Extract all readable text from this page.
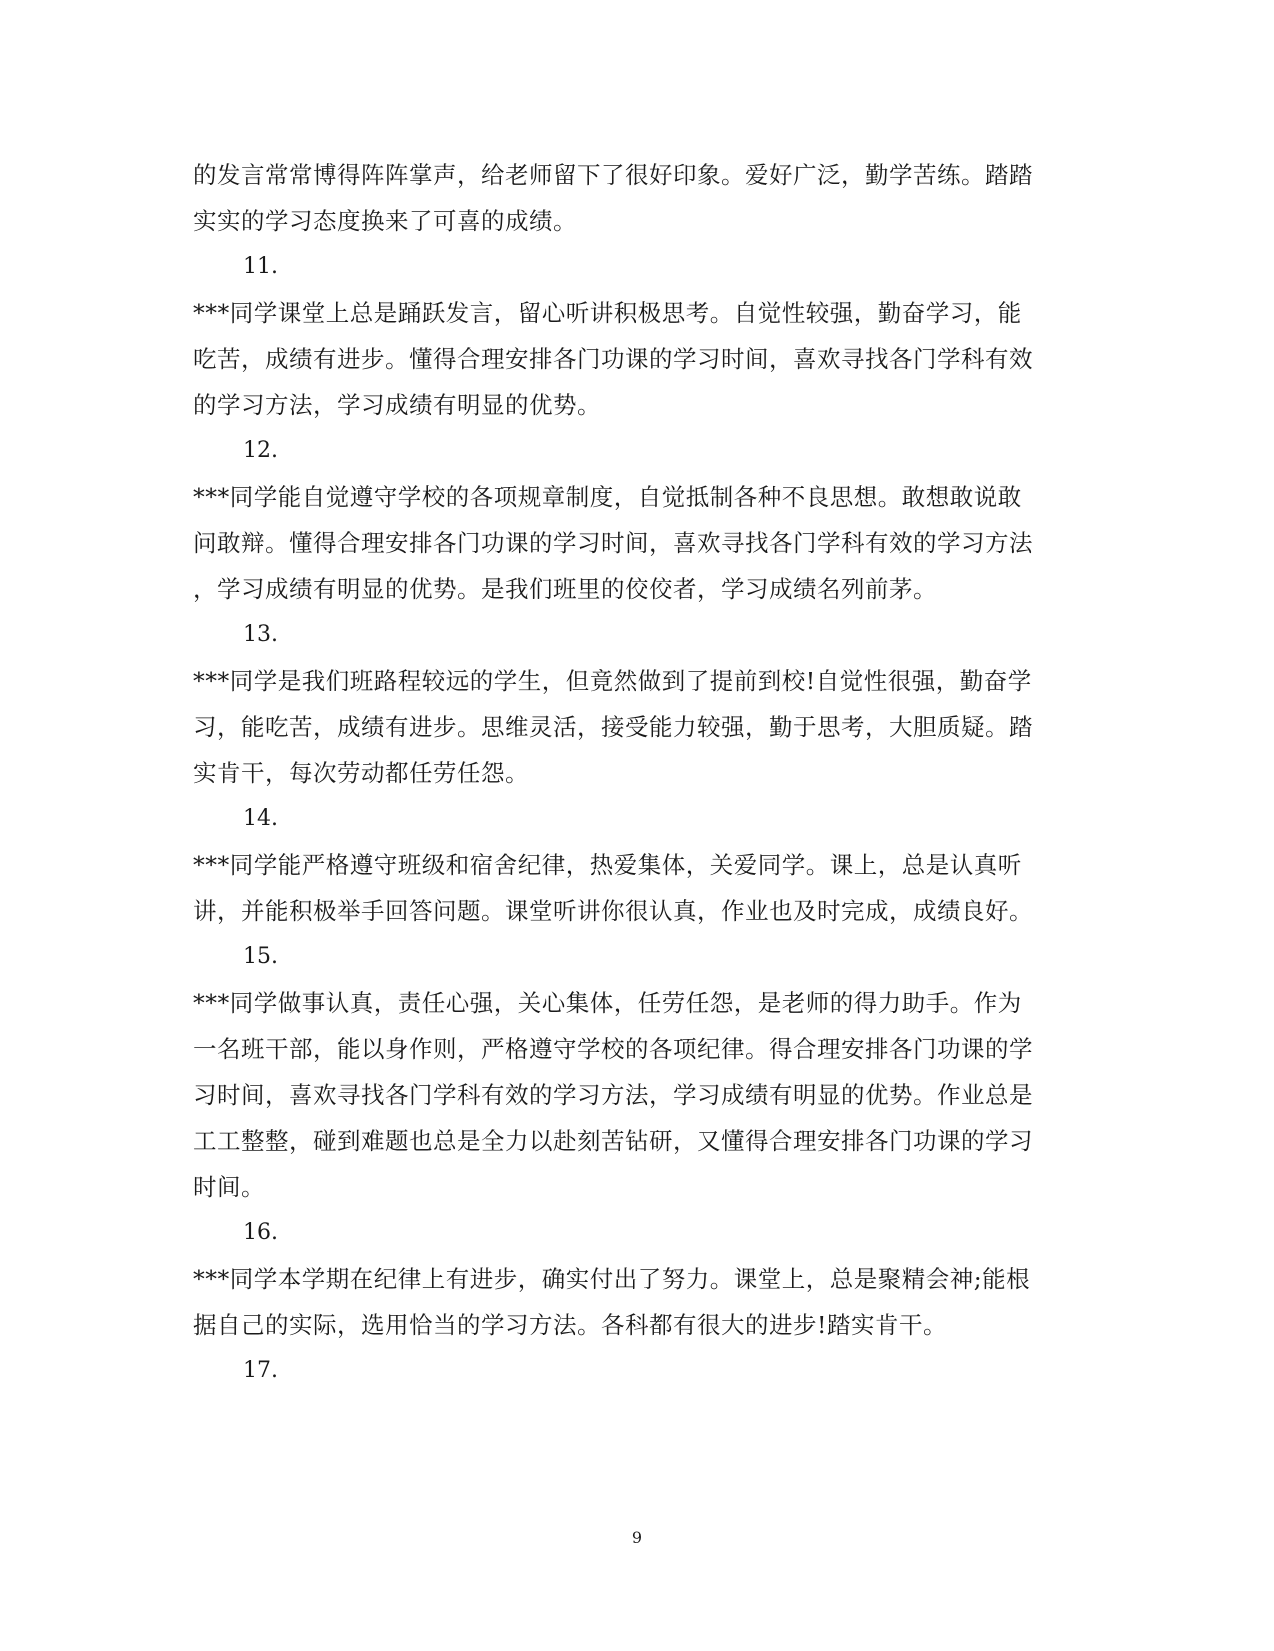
的发言常常博得阵阵掌声，给老师留下了很好印象。爱好广泛，勤学苦练。踏踏
实实的学习态度换来了可喜的成绩。
11.
***同学课堂上总是踊跃发言，留心听讲积极思考。自觉性较强，勤奋学习，能
吃苦，成绩有进步。懂得合理安排各门功课的学习时间，喜欢寻找各门学科有效
的学习方法，学习成绩有明显的优势。
12.
***同学能自觉遵守学校的各项规章制度，自觉抵制各种不良思想。敢想敢说敢
问敢辩。懂得合理安排各门功课的学习时间，喜欢寻找各门学科有效的学习方法
，学习成绩有明显的优势。是我们班里的佼佼者，学习成绩名列前茅。
13.
***同学是我们班路程较远的学生，但竟然做到了提前到校!自觉性很强，勤奋学
习，能吃苦，成绩有进步。思维灵活，接受能力较强，勤于思考，大胆质疑。踏
实肯干，每次劳动都任劳任怨。
14.
***同学能严格遵守班级和宿舍纪律，热爱集体，关爱同学。课上，总是认真听
讲，并能积极举手回答问题。课堂听讲你很认真，作业也及时完成，成绩良好。
15.
***同学做事认真，责任心强，关心集体，任劳任怨，是老师的得力助手。作为
一名班干部，能以身作则，严格遵守学校的各项纪律。得合理安排各门功课的学
习时间，喜欢寻找各门学科有效的学习方法，学习成绩有明显的优势。作业总是
工工整整，碰到难题也总是全力以赴刻苦钻研，又懂得合理安排各门功课的学习
时间。
16.
***同学本学期在纪律上有进步，确实付出了努力。课堂上，总是聚精会神;能根
据自己的实际，选用恰当的学习方法。各科都有很大的进步!踏实肯干。
17.
9
